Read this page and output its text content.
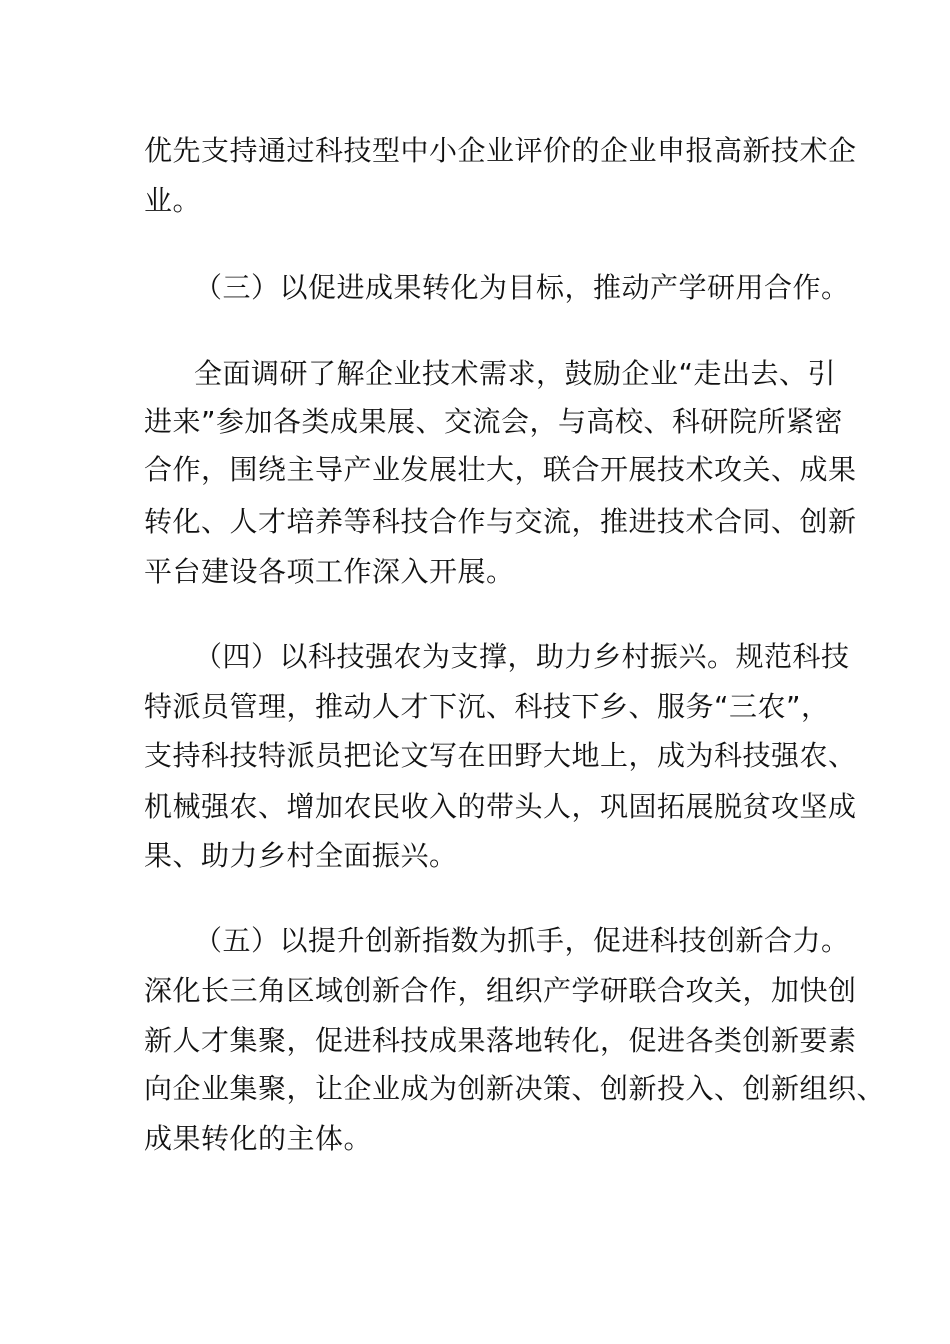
优先支持通过科技型中小企业评价的企业申报高新技术企
业。
（三）以促进成果转化为目标，推动产学研用合作。
全面调研了解企业技术需求，鼓励企业“走出去、引
进来”参加各类成果展、交流会，与高校、科研院所紧密
合作，围绕主导产业发展壮大，联合开展技术攻关、成果
转化、人才培养等科技合作与交流，推进技术合同、创新
平台建设各项工作深入开展。
（四）以科技强农为支撑，助力乡村振兴。规范科技
特派员管理，推动人才下沉、科技下乡、服务“三农”，
支持科技特派员把论文写在田野大地上，成为科技强农、
机械强农、增加农民收入的带头人，巩固拓展脱贫攻坚成
果、助力乡村全面振兴。
（五）以提升创新指数为抓手，促进科技创新合力。
深化长三角区域创新合作，组织产学研联合攻关，加快创
新人才集聚，促进科技成果落地转化，促进各类创新要素
向企业集聚，让企业成为创新决策、创新投入、创新组织、
成果转化的主体。
